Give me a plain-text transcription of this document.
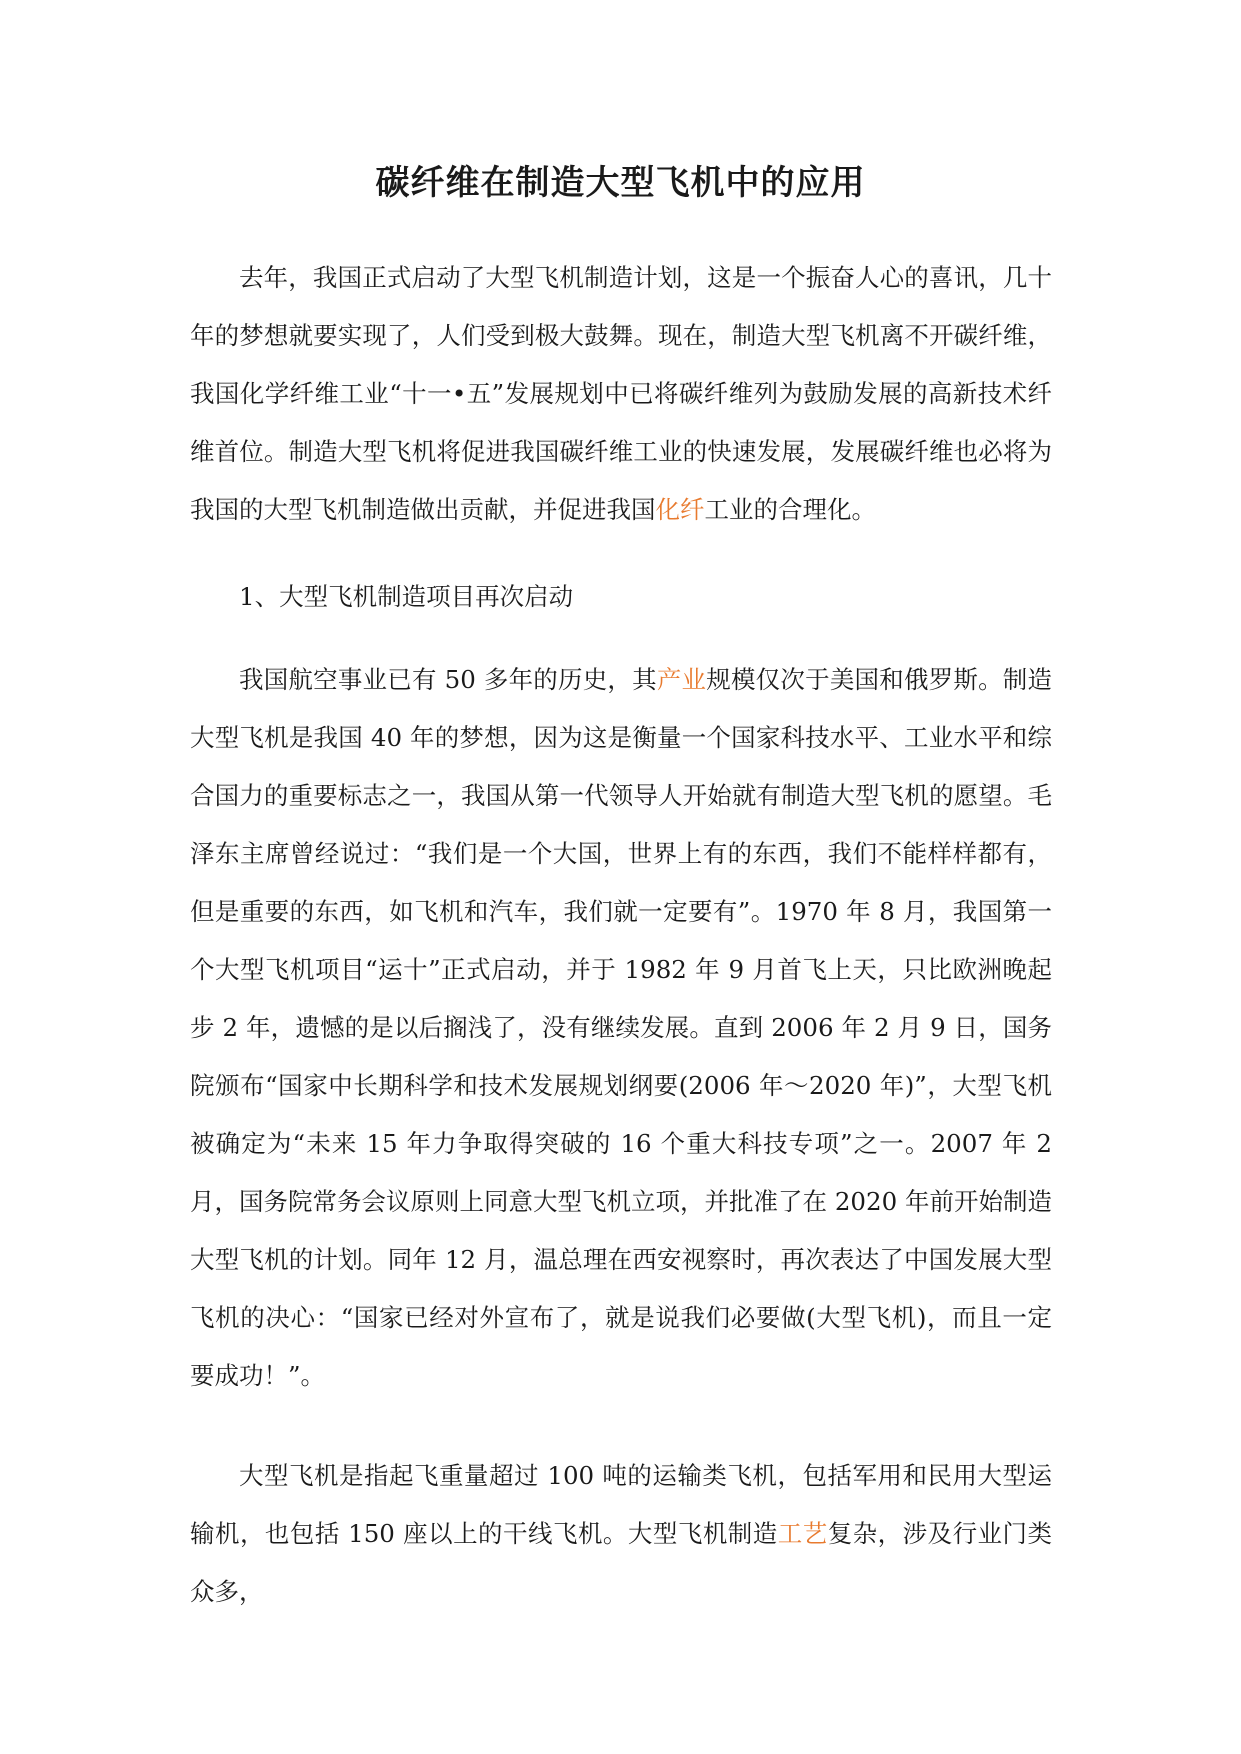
碳纤维在制造大型飞机中的应用

去年，我国正式启动了大型飞机制造计划，这是一个振奋人心的喜讯，几十年的梦想就要实现了，人们受到极大鼓舞。现在，制造大型飞机离不开碳纤维，我国化学纤维工业“十一•五”发展规划中已将碳纤维列为鼓励发展的高新技术纤维首位。制造大型飞机将促进我国碳纤维工业的快速发展，发展碳纤维也必将为我国的大型飞机制造做出贡献，并促进我国化纤工业的合理化。

1、大型飞机制造项目再次启动

我国航空事业已有 50 多年的历史，其产业规模仅次于美国和俄罗斯。制造大型飞机是我国 40 年的梦想，因为这是衡量一个国家科技水平、工业水平和综合国力的重要标志之一，我国从第一代领导人开始就有制造大型飞机的愿望。毛泽东主席曾经说过：“我们是一个大国，世界上有的东西，我们不能样样都有，但是重要的东西，如飞机和汽车，我们就一定要有”。1970 年 8 月，我国第一个大型飞机项目“运十”正式启动，并于 1982 年 9 月首飞上天，只比欧洲晚起步 2 年，遗憾的是以后搁浅了，没有继续发展。直到 2006 年 2 月 9 日，国务院颁布“国家中长期科学和技术发展规划纲要(2006 年～2020 年)”，大型飞机被确定为“未来 15 年力争取得突破的 16 个重大科技专项”之一。2007 年 2 月，国务院常务会议原则上同意大型飞机立项，并批准了在 2020 年前开始制造大型飞机的计划。同年 12 月，温总理在西安视察时，再次表达了中国发展大型飞机的决心：“国家已经对外宣布了，就是说我们必要做(大型飞机)，而且一定要成功！”。

大型飞机是指起飞重量超过 100 吨的运输类飞机，包括军用和民用大型运输机，也包括 150 座以上的干线飞机。大型飞机制造工艺复杂，涉及行业门类众多，
